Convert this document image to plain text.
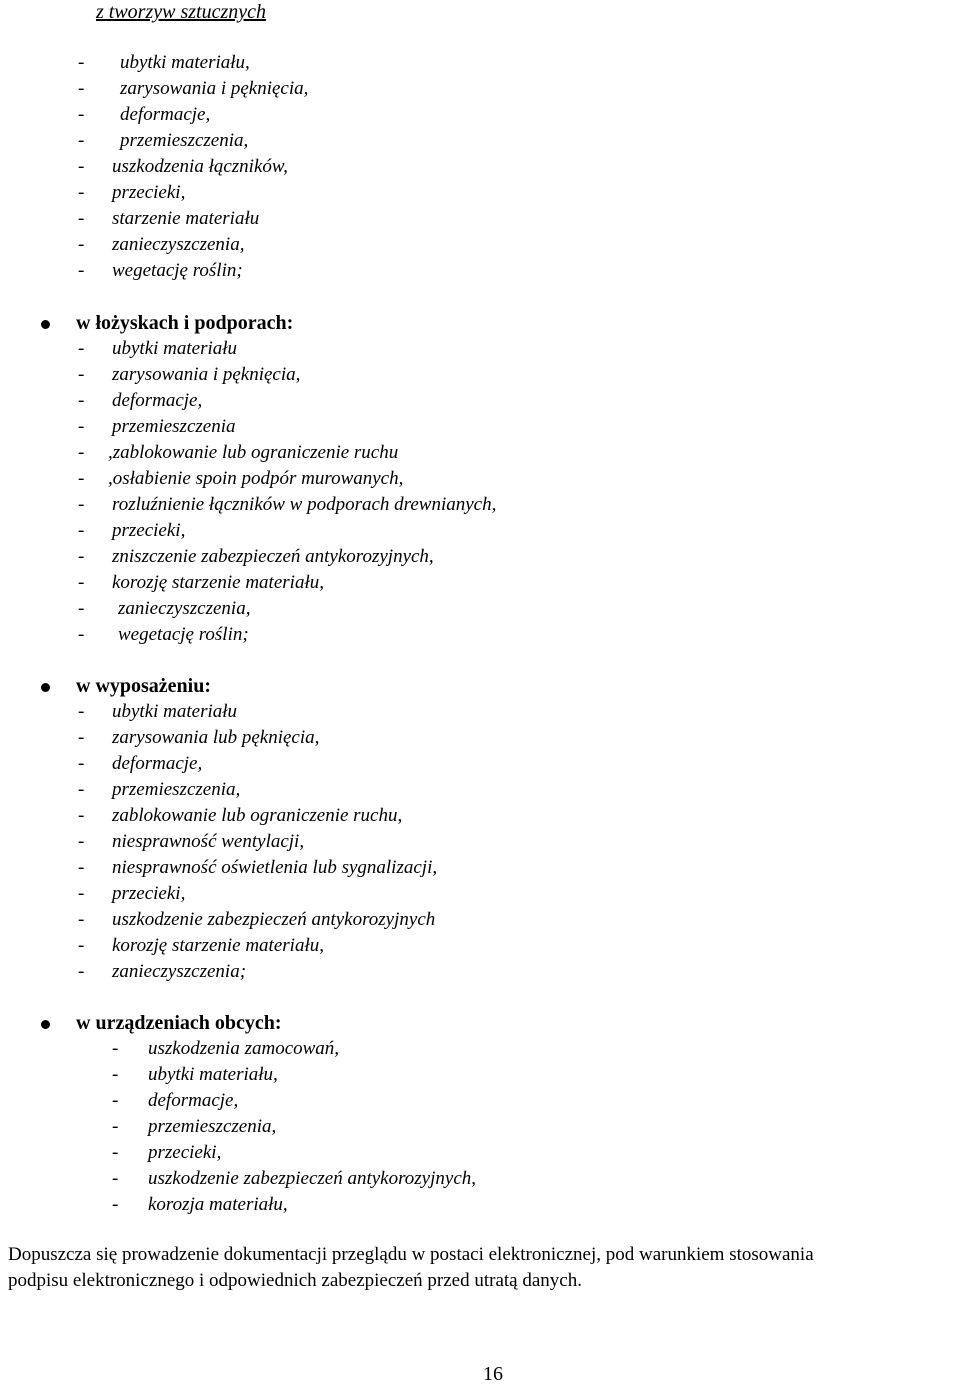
z tworzyw sztucznych
- ubytki materiału,
- zarysowania i pęknięcia,
- deformacje,
- przemieszczenia,
- uszkodzenia łączników,
- przecieki,
- starzenie materiału
- zanieczyszczenia,
- wegetację roślin;
w łożyskach i podporach:
- ubytki materiału
- zarysowania i pęknięcia,
- deformacje,
- przemieszczenia
- ,zablokowanie lub ograniczenie ruchu
- ,osłabienie spoin podpór murowanych,
- rozluźnienie łączników w podporach drewnianych,
- przecieki,
- zniszczenie zabezpieczeń antykorozyjnych,
- korozję starzenie materiału,
- zanieczyszczenia,
- wegetację roślin;
w wyposażeniu:
- ubytki materiału
- zarysowania lub pęknięcia,
- deformacje,
- przemieszczenia,
- zablokowanie lub ograniczenie ruchu,
- niesprawność wentylacji,
- niesprawność oświetlenia lub sygnalizacji,
- przecieki,
- uszkodzenie zabezpieczeń antykorozyjnych
- korozję starzenie materiału,
- zanieczyszczenia;
w urządzeniach obcych:
- uszkodzenia zamocowań,
- ubytki materiału,
- deformacje,
- przemieszczenia,
- przecieki,
- uszkodzenie zabezpieczeń antykorozyjnych,
- korozja materiału,
Dopuszcza się prowadzenie dokumentacji przeglądu w postaci elektronicznej, pod warunkiem stosowania
podpisu elektronicznego i odpowiednich zabezpieczeń przed utratą danych.
16
